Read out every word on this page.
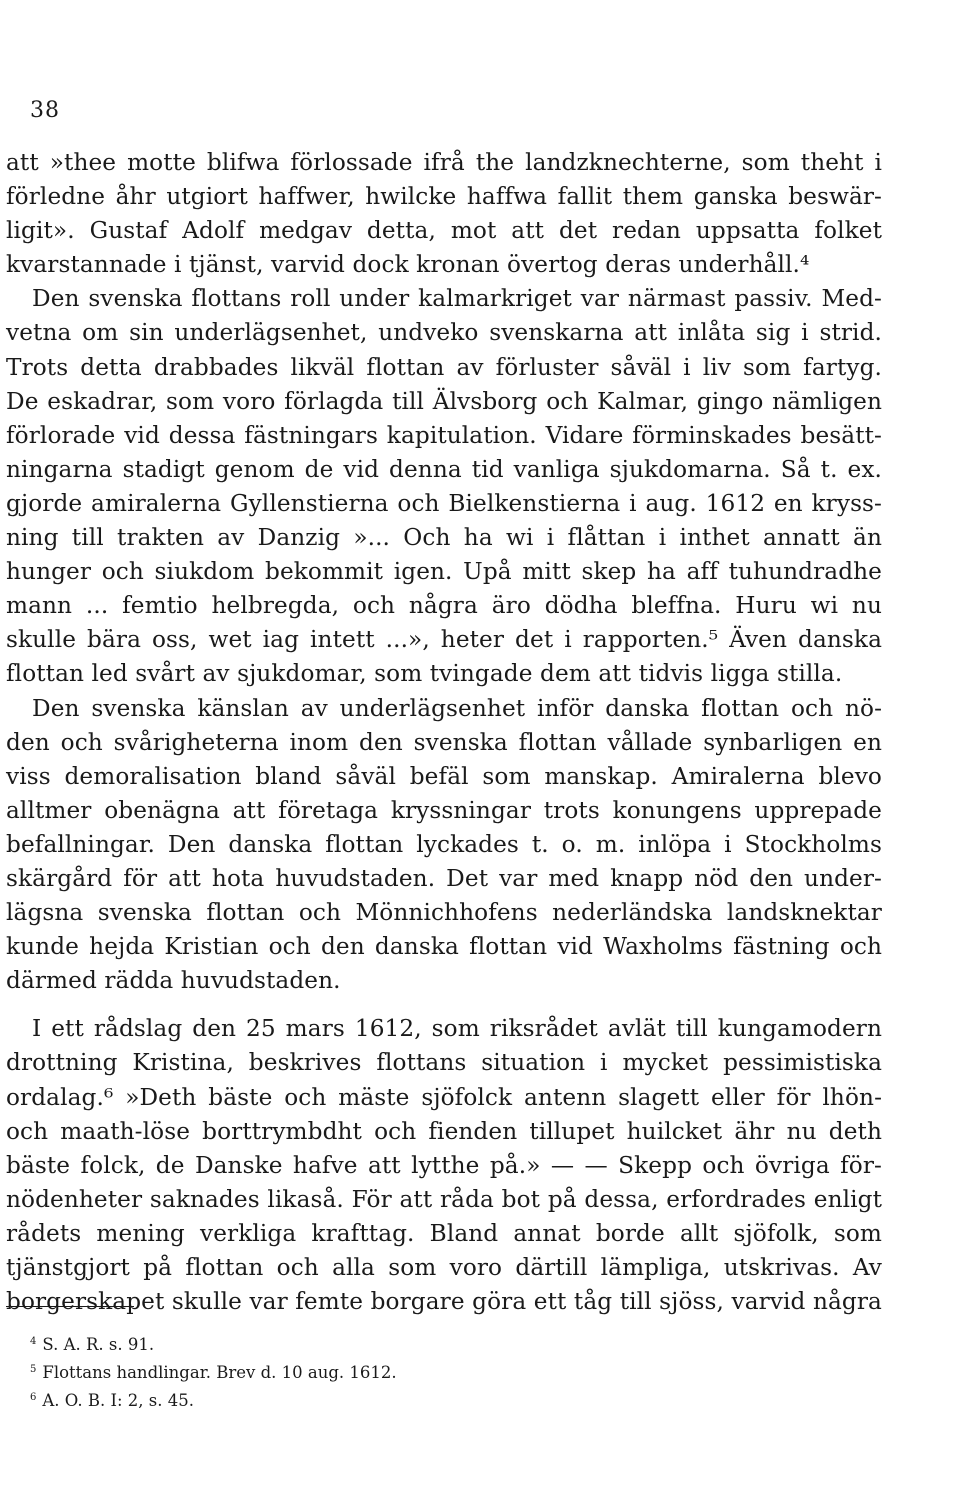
38
att »thee motte blifwa förlossade ifrå the landzknechterne, som theht i
förledne åhr utgiort haffwer, hwilcke haffwa fallit them ganska beswär-
ligit». Gustaf Adolf medgav detta, mot att det redan uppsatta folket
kvarstannade i tjänst, varvid dock kronan övertog deras underhåll.⁴
Den svenska flottans roll under kalmarkriget var närmast passiv. Med-
vetna om sin underlägsenhet, undveko svenskarna att inlåta sig i strid.
Trots detta drabbades likväl flottan av förluster såväl i liv som fartyg.
De eskadrar, som voro förlagda till Älvsborg och Kalmar, gingo nämligen
förlorade vid dessa fästningars kapitulation. Vidare förminskades besätt-
ningarna stadigt genom de vid denna tid vanliga sjukdomarna. Så t. ex.
gjorde amiralerna Gyllenstierna och Bielkenstierna i aug. 1612 en kryss-
ning till trakten av Danzig »... Och ha wi i flåttan i inthet annatt än
hunger och siukdom bekommit igen. Upå mitt skep ha aff tuhundradhe
mann ... femtio helbregda, och några äro dödha bleffna. Huru wi nu
skulle bära oss, wet iag intett ...», heter det i rapporten.⁵ Även danska
flottan led svårt av sjukdomar, som tvingade dem att tidvis ligga stilla.
Den svenska känslan av underlägsenhet inför danska flottan och nö-
den och svårigheterna inom den svenska flottan vållade synbarligen en
viss demoralisation bland såväl befäl som manskap. Amiralerna blevo
alltmer obenägna att företaga kryssningar trots konungens upprepade
befallningar. Den danska flottan lyckades t. o. m. inlöpa i Stockholms
skärgård för att hota huvudstaden. Det var med knapp nöd den under-
lägsna svenska flottan och Mönnichhofens nederländska landsknektar
kunde hejda Kristian och den danska flottan vid Waxholms fästning och
därmed rädda huvudstaden.
I ett rådslag den 25 mars 1612, som riksrådet avlät till kungamodern
drottning Kristina, beskrives flottans situation i mycket pessimistiska
ordalag.⁶ »Deth bäste och mäste sjöfolck antenn slagett eller för lhön-
och maath-löse borttrymbdht och fienden tillupet huilcket ähr nu deth
bäste folck, de Danske hafve att lytthe på.» — — Skepp och övriga för-
nödenheter saknades likaså. För att råda bot på dessa, erfordrades enligt
rådets mening verkliga krafttag. Bland annat borde allt sjöfolk, som
tjänstgjort på flottan och alla som voro därtill lämpliga, utskrivas. Av
borgerskapet skulle var femte borgare göra ett tåg till sjöss, varvid några
$^4$ S. A. R. s. 91.
$^5$ Flottans handlingar. Brev d. 10 aug. 1612.
$^6$ A. O. B. I: 2, s. 45.
